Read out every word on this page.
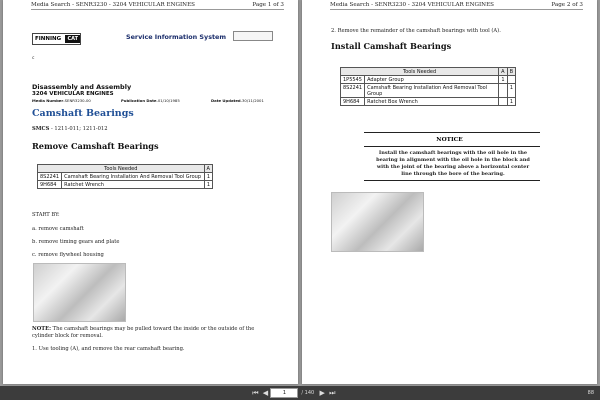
Media Search - SENR3230 - 3204 VEHICULAR ENGINES	Page 1 of 3
FINNING	CAT	Service Information System
c
Disassembly and Assembly
3204 VEHICULAR ENGINES
Media Number-SENR3230-00	Publication Date-01/10/1985	Date Updated-30/11/2001
Camshaft Bearings
SMCS - 1211-011; 1211-012
Remove Camshaft Bearings
Tools Needed		A
8S2241	Camshaft Bearing Installation And Removal Tool Group	1
9H684	Ratchet Wrench	1
START BY:
a. remove camshaft
b. remove timing gears and plate
c. remove flywheel housing
NOTE: The camshaft bearings may be pulled toward the inside or the outside of the cylinder block for removal.
1. Use tooling (A), and remove the rear camshaft bearing.
Media Search - SENR3230 - 3204 VEHICULAR ENGINES	Page 2 of 3
2. Remove the remainder of the camshaft bearings with tool (A).
Install Camshaft Bearings
Tools Needed		A	B
1P5545	Adapter Group	1	
8S2241	Camshaft Bearing Installation And Removal Tool Group		1
9H684	Ratchet Box Wrench		1
NOTICE
Install the camshaft bearings with the oil hole in the bearing in alignment with the oil hole in the block and with the joint of the bearing above a horizontal center line through the bore of the bearing.
⏮ ◀	1	/ 140 ▶ ⏭	88
